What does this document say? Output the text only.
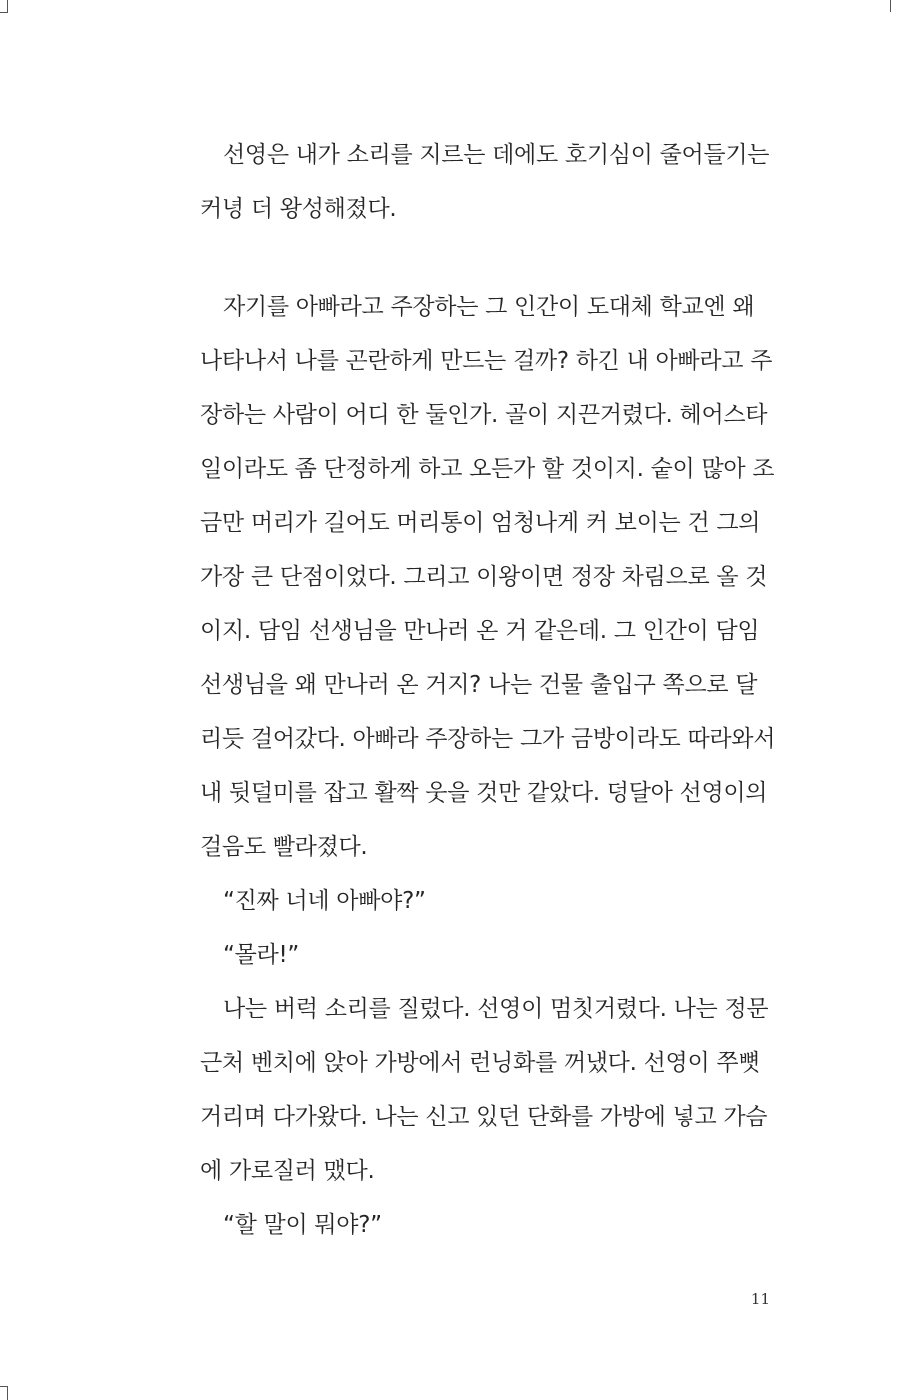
선영은 내가 소리를 지르는 데에도 호기심이 줄어들기는
커녕 더 왕성해졌다.
자기를 아빠라고 주장하는 그 인간이 도대체 학교엔 왜
나타나서 나를 곤란하게 만드는 걸까? 하긴 내 아빠라고 주
장하는 사람이 어디 한 둘인가. 골이 지끈거렸다. 헤어스타
일이라도 좀 단정하게 하고 오든가 할 것이지. 숱이 많아 조
금만 머리가 길어도 머리통이 엄청나게 커 보이는 건 그의
가장 큰 단점이었다. 그리고 이왕이면 정장 차림으로 올 것
이지. 담임 선생님을 만나러 온 거 같은데. 그 인간이 담임
선생님을 왜 만나러 온 거지? 나는 건물 출입구 쪽으로 달
리듯 걸어갔다. 아빠라 주장하는 그가 금방이라도 따라와서
내 뒷덜미를 잡고 활짝 웃을 것만 같았다. 덩달아 선영이의
걸음도 빨라졌다.
“진짜 너네 아빠야?”
“몰라!”
나는 버럭 소리를 질렀다. 선영이 멈칫거렸다. 나는 정문
근처 벤치에 앉아 가방에서 런닝화를 꺼냈다. 선영이 쭈뼛
거리며 다가왔다. 나는 신고 있던 단화를 가방에 넣고 가슴
에 가로질러 맸다.
“할 말이 뭐야?”
11
